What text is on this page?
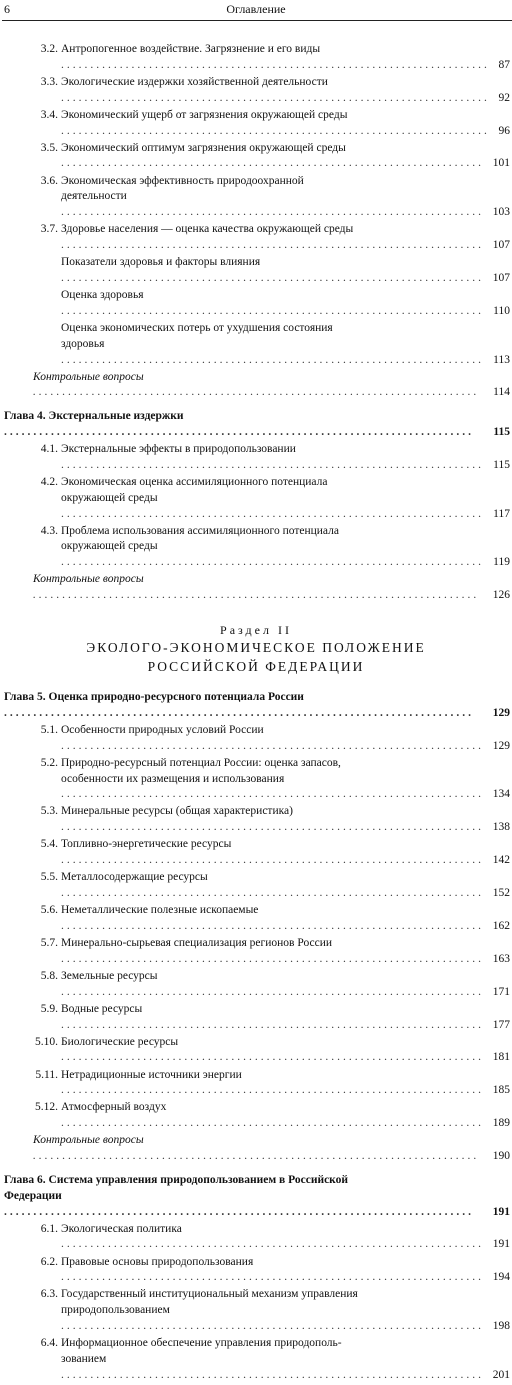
6	Оглавление
3.2. Антропогенное воздействие. Загрязнение и его виды ......................................................................... 87
3.3. Экологические издержки хозяйственной деятельности ......................................................................... 92
3.4. Экономический ущерб от загрязнения окружающей среды ......................................................................... 96
3.5. Экономический оптимум загрязнения окружающей среды ........................................................................ 101
3.6. Экономическая эффективность природоохранной
деятельности ........................................................................ 103
3.7. Здоровье населения — оценка качества окружающей среды ........................................................................ 107
Показатели здоровья и факторы влияния ........................................................................ 107
Оценка здоровья ........................................................................ 110
Оценка экономических потерь от ухудшения состояния
здоровья ........................................................................ 113
Контрольные вопросы ............................................................................ 114
Глава 4. Экстернальные издержки ................................................................................	115
4.1. Экстернальные эффекты в природопользовании ........................................................................ 115
4.2. Экономическая оценка ассимиляционного потенциала
окружающей среды ........................................................................ 117
4.3. Проблема использования ассимиляционного потенциала
окружающей среды ........................................................................ 119
Контрольные вопросы ............................................................................ 126
Раздел II
ЭКОЛОГО-ЭКОНОМИЧЕСКОЕ ПОЛОЖЕНИЕ
РОССИЙСКОЙ ФЕДЕРАЦИИ
Глава 5. Оценка природно-ресурсного потенциала России ................................................................................	129
5.1. Особенности природных условий России ........................................................................ 129
5.2. Природно-ресурсный потенциал России: оценка запасов,
особенности их размещения и использования ........................................................................ 134
5.3. Минеральные ресурсы (общая характеристика) ........................................................................ 138
5.4. Топливно-энергетические ресурсы ........................................................................ 142
5.5. Металлосодержащие ресурсы ........................................................................ 152
5.6. Неметаллические полезные ископаемые ........................................................................ 162
5.7. Минерально-сырьевая специализация регионов России ........................................................................ 163
5.8. Земельные ресурсы ........................................................................ 171
5.9. Водные ресурсы ........................................................................ 177
5.10. Биологические ресурсы ........................................................................ 181
5.11. Нетрадиционные источники энергии ........................................................................ 185
5.12. Атмосферный воздух ........................................................................ 189
Контрольные вопросы ............................................................................ 190
Глава 6. Система управления природопользованием в Российской
Федерации ................................................................................	191
6.1. Экологическая политика ........................................................................ 191
6.2. Правовые основы природопользования ........................................................................ 194
6.3. Государственный институциональный механизм управления
природопользованием ........................................................................ 198
6.4. Информационное обеспечение управления природополь-
зованием ........................................................................ 201
